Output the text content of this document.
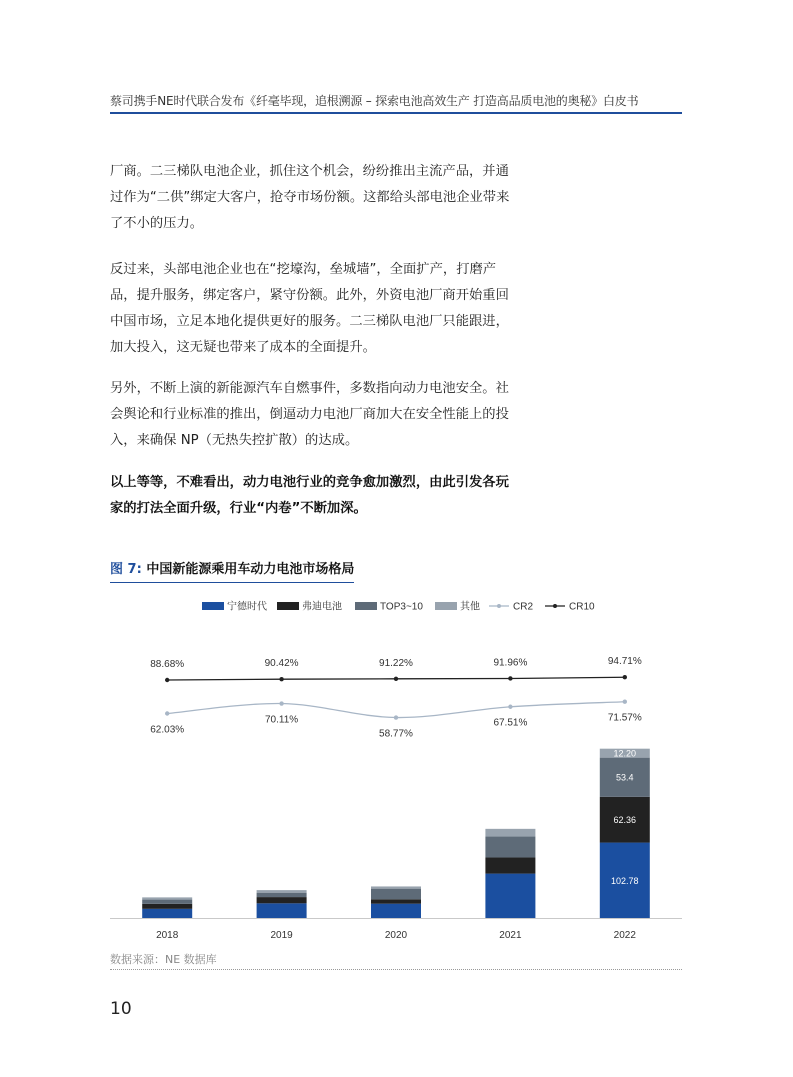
蔡司携手NE时代联合发布《纤毫毕现，追根溯源 – 探索电池高效生产 打造高品质电池的奥秘》白皮书
厂商。二三梯队电池企业，抓住这个机会，纷纷推出主流产品，并通过作为“二供”绑定大客户，抢夺市场份额。这都给头部电池企业带来了不小的压力。
反过来，头部电池企业也在“挖壕沟，垒城墙”，全面扩产，打磨产品，提升服务，绑定客户，紧守份额。此外，外资电池厂商开始重回中国市场，立足本地化提供更好的服务。二三梯队电池厂只能跟进，加大投入，这无疑也带来了成本的全面提升。
另外，不断上演的新能源汽车自燃事件，多数指向动力电池安全。社会舆论和行业标准的推出，倒逼动力电池厂商加大在安全性能上的投入，来确保 NP（无热失控扩散）的达成。
以上等等，不难看出，动力电池行业的竞争愈加激烈，由此引发各玩家的打法全面升级，行业“内卷”不断加深。
图 7: 中国新能源乘用车动力电池市场格局
宁德时代	弗迪电池	TOP3~10	其他	CR2	CR10
102.78
62.36
53.4
12.20
2018	2019	2020	2021	2022
88.68%	90.42%	91.22%	91.96%	94.71%
62.03%
70.11%
58.77%
67.51%	71.57%
数据来源：NE 数据库
10
